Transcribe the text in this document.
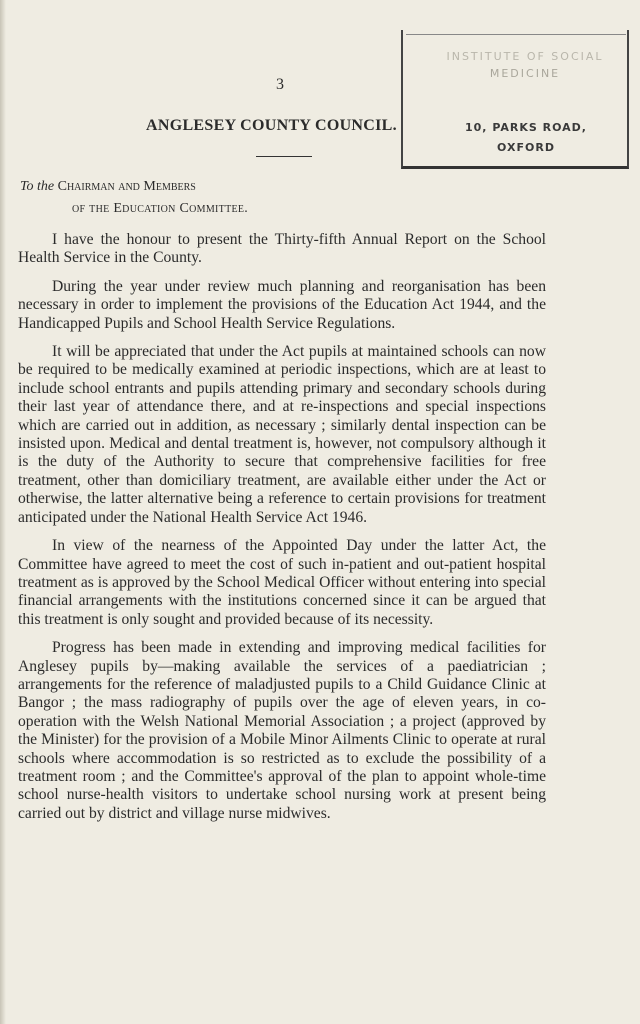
3
ANGLESEY COUNTY COUNCIL.
INSTITUTE OF SOCIAL
MEDICINE
10, PARKS ROAD,
OXFORD
To the Chairman and Members
of the Education Committee.

I have the honour to present the Thirty-fifth Annual Report on the School Health Service in the County.

During the year under review much planning and reorganisation has been necessary in order to implement the provisions of the Education Act 1944, and the Handicapped Pupils and School Health Service Regulations.

It will be appreciated that under the Act pupils at maintained schools can now be required to be medically examined at periodic inspections, which are at least to include school entrants and pupils attending primary and secondary schools during their last year of attendance there, and at re-inspections and special inspections which are carried out in addition, as necessary ; similarly dental inspection can be insisted upon. Medical and dental treatment is, however, not compulsory although it is the duty of the Authority to secure that comprehensive facilities for free treatment, other than domiciliary treatment, are available either under the Act or otherwise, the latter alternative being a reference to certain provisions for treatment anticipated under the National Health Service Act 1946.

In view of the nearness of the Appointed Day under the latter Act, the Committee have agreed to meet the cost of such in-patient and out-patient hospital treatment as is approved by the School Medical Officer without entering into special financial arrangements with the institutions concerned since it can be argued that this treatment is only sought and provided because of its necessity.

Progress has been made in extending and improving medical facilities for Anglesey pupils by—making available the services of a paediatrician ; arrangements for the reference of maladjusted pupils to a Child Guidance Clinic at Bangor ; the mass radiography of pupils over the age of eleven years, in co-operation with the Welsh National Memorial Association ; a project (approved by the Minister) for the provision of a Mobile Minor Ailments Clinic to operate at rural schools where accommodation is so restricted as to exclude the possibility of a treatment room ; and the Committee's approval of the plan to appoint whole-time school nurse-health visitors to undertake school nursing work at present being carried out by district and village nurse midwives.
